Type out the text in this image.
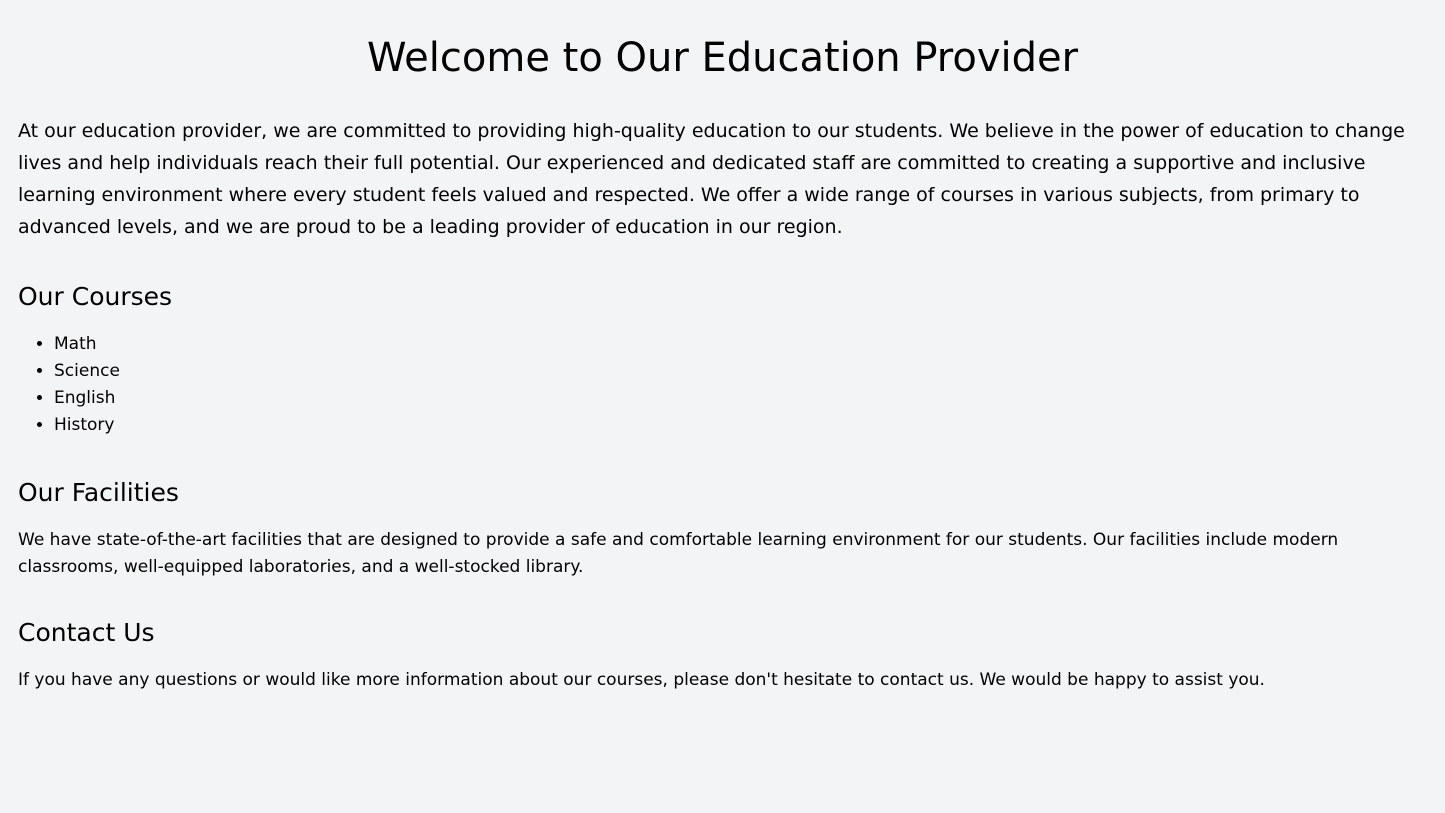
Welcome to Our Education Provider

At our education provider, we are committed to providing high-quality education to our students. We believe in the power of education to change lives and help individuals reach their full potential. Our experienced and dedicated staff are committed to creating a supportive and inclusive learning environment where every student feels valued and respected. We offer a wide range of courses in various subjects, from primary to advanced levels, and we are proud to be a leading provider of education in our region.

Our Courses
• Math
• Science
• English
• History
Our Facilities

We have state-of-the-art facilities that are designed to provide a safe and comfortable learning environment for our students. Our facilities include modern classrooms, well-equipped laboratories, and a well-stocked library.

Contact Us

If you have any questions or would like more information about our courses, please don't hesitate to contact us. We would be happy to assist you.
